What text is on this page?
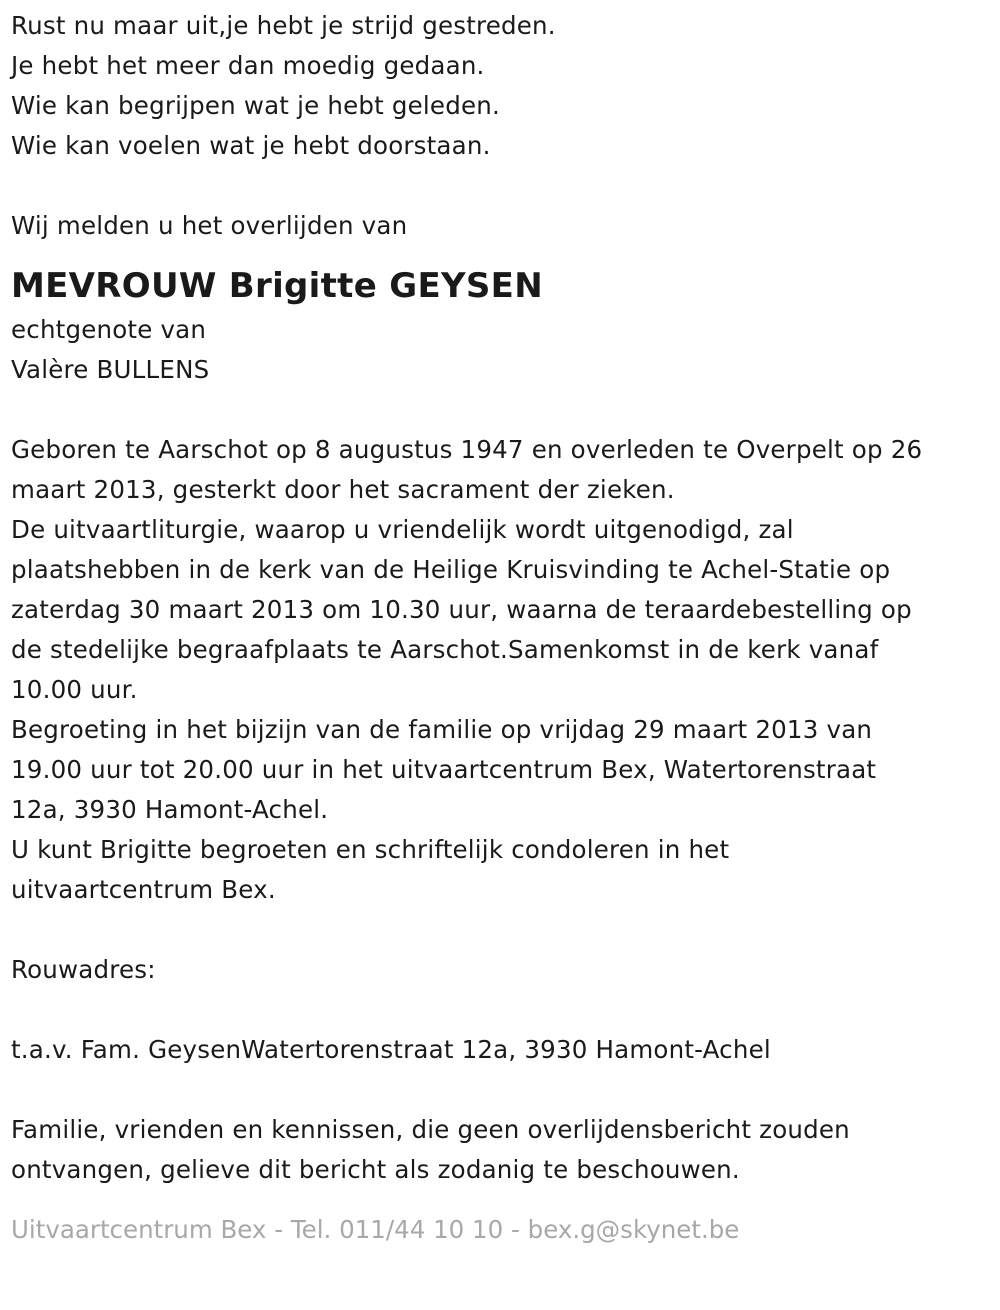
Rust nu maar uit,je hebt je strijd gestreden.
Je hebt het meer dan moedig gedaan.
Wie kan begrijpen wat je hebt geleden.
Wie kan voelen wat je hebt doorstaan.
Wij melden u het overlijden van
MEVROUW Brigitte GEYSEN
echtgenote van
Valère BULLENS
Geboren te Aarschot op 8 augustus 1947 en overleden te Overpelt op 26
maart 2013, gesterkt door het sacrament der zieken.
De uitvaartliturgie, waarop u vriendelijk wordt uitgenodigd, zal
plaatshebben in de kerk van de Heilige Kruisvinding te Achel-Statie op
zaterdag 30 maart 2013 om 10.30 uur, waarna de teraardebestelling op
de stedelijke begraafplaats te Aarschot.Samenkomst in de kerk vanaf
10.00 uur.
Begroeting in het bijzijn van de familie op vrijdag 29 maart 2013 van
19.00 uur tot 20.00 uur in het uitvaartcentrum Bex, Watertorenstraat
12a, 3930 Hamont-Achel.
U kunt Brigitte begroeten en schriftelijk condoleren in het
uitvaartcentrum Bex.
Rouwadres:
t.a.v. Fam. GeysenWatertorenstraat 12a, 3930 Hamont-Achel
Familie, vrienden en kennissen, die geen overlijdensbericht zouden
ontvangen, gelieve dit bericht als zodanig te beschouwen.
Uitvaartcentrum Bex - Tel. 011/44 10 10 - bex.g@skynet.be
